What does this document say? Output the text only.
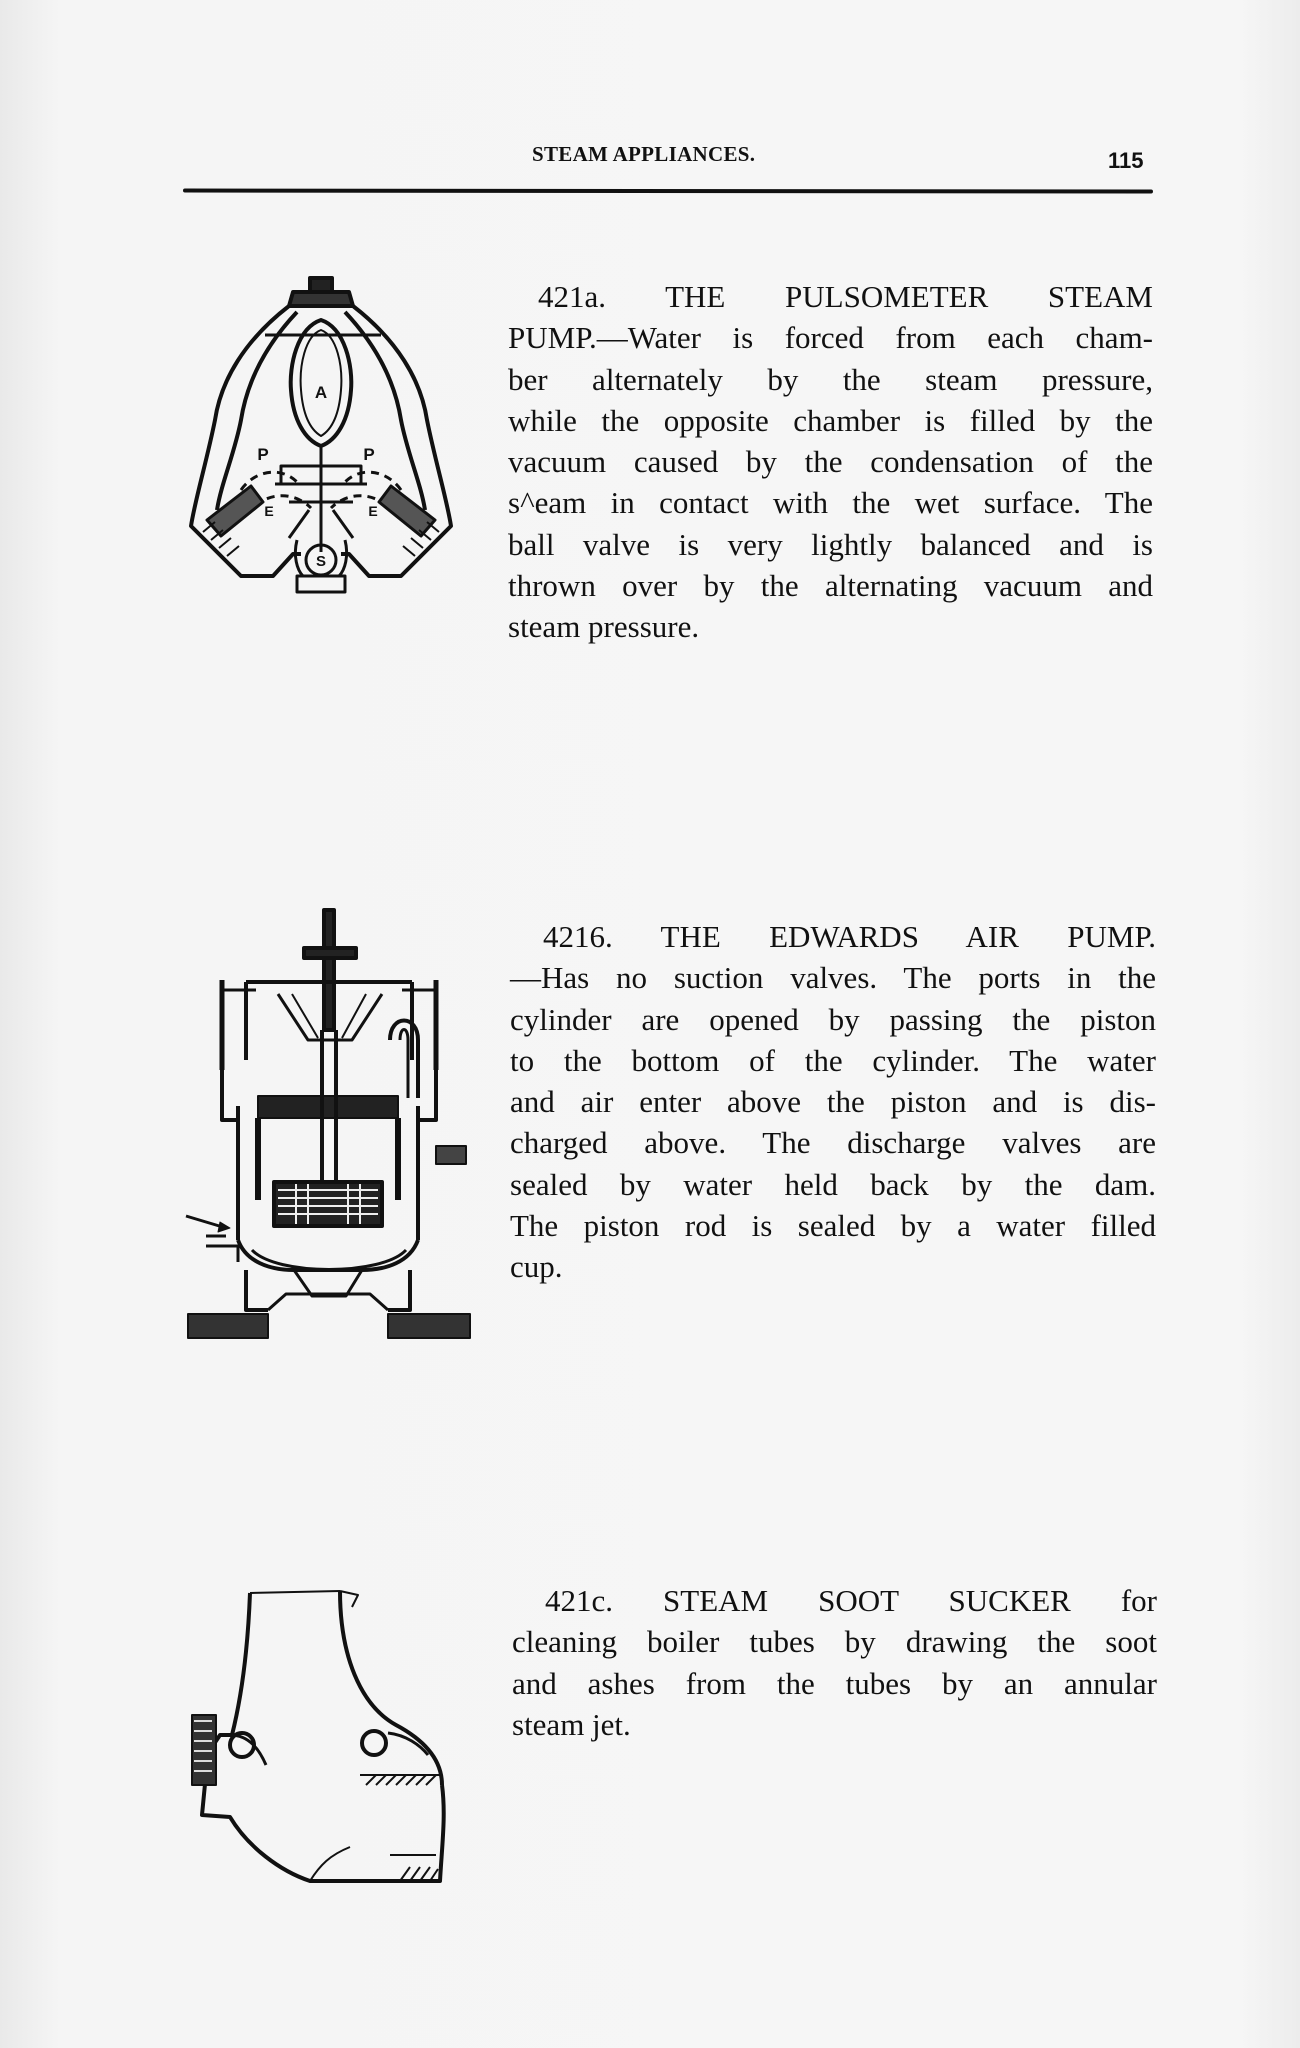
STEAM APPLIANCES.	115
A
P	P
E	E
S
421a. THE PULSOMETER STEAM
PUMP.—Water is forced from each cham-
ber alternately by the steam pressure,
while the opposite chamber is filled by the
vacuum caused by the condensation of the
s^eam in contact with the wet surface. The
ball valve is very lightly balanced and is
thrown over by the alternating vacuum and
steam pressure.
4216. THE EDWARDS AIR PUMP.
—Has no suction valves. The ports in the
cylinder are opened by passing the piston
to the bottom of the cylinder. The water
and air enter above the piston and is dis-
charged above. The discharge valves are
sealed by water held back by the dam.
The piston rod is sealed by a water filled
cup.
421c. STEAM SOOT SUCKER for
cleaning boiler tubes by drawing the soot
and ashes from the tubes by an annular
steam jet.
